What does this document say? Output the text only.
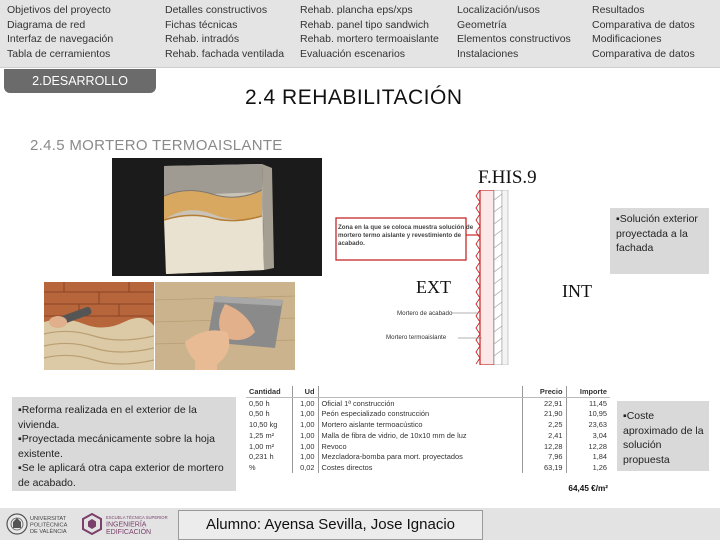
Objetivos del proyecto
Diagrama de red
Interfaz de navegación
Tabla de cerramientos
Detalles constructivos
Fichas técnicas
Rehab. intradós
Rehab. fachada ventilada
Rehab. plancha eps/xps
Rehab. panel tipo sandwich
Rehab. mortero termoaislante
Evaluación escenarios
Localización/usos
Geometría
Elementos constructivos
Instalaciones
Resultados
Comparativa de datos
Modificaciones
Comparativa de datos
2.DESARROLLO
2.4 REHABILITACIÓN
2.4.5 MORTERO TERMOAISLANTE
F.HIS.9
Zona en la que se coloca muestra solución de mortero termo aislante y revestimiento de acabado.
EXT	INT
Mortero de acabado
Mortero termoaislante

▪Solución exterior proyectada a la fachada

▪Reforma realizada en el exterior de la vivienda.

▪Proyectada mecánicamente sobre la hoja existente.

▪Se le aplicará otra capa exterior de mortero de acabado.

▪Coste aproximado de la solución propuesta

Cantidad	Ud		Precio	Importe
0,50 h	1,00	Oficial 1ª construcción	22,91	11,45
0,50 h	1,00	Peón especializado construcción	21,90	10,95
10,50 kg	1,00	Mortero aislante termoacústico	2,25	23,63
1,25 m²	1,00	Malla de fibra de vidrio, de 10x10 mm de luz	2,41	3,04
1,00 m²	1,00	Revoco	12,28	12,28
0,231 h	1,00	Mezcladora-bomba para mort. proyectados	7,96	1,84
%	0,02	Costes directos	63,19	1,26
64,45 €/m²
UNIVERSITAT
POLITÈCNICA
DE VALÈNCIA
ESCUELA TÉCNICA SUPERIOR
INGENIERÍA
EDIFICACIÓN	Alumno: Ayensa Sevilla, Jose Ignacio
